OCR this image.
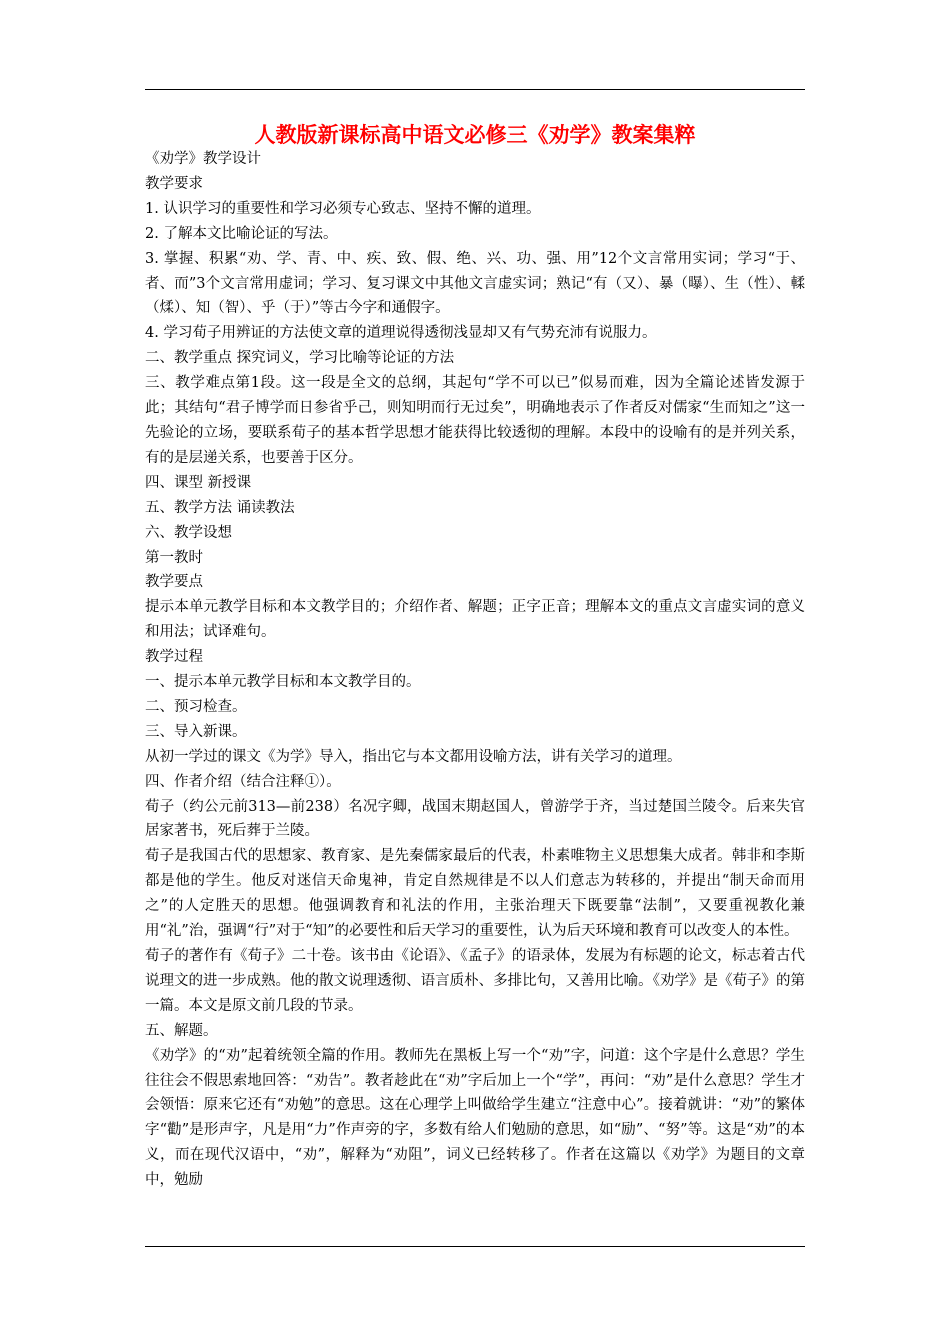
人教版新课标高中语文必修三《劝学》教案集粹

《劝学》教学设计

教学要求

1. 认识学习的重要性和学习必须专心致志、坚持不懈的道理。

2. 了解本文比喻论证的写法。

3. 掌握、积累“劝、学、青、中、疾、致、假、绝、兴、功、强、用”12个文言常用实词；学习“于、者、而”3个文言常用虚词；学习、复习课文中其他文言虚实词；熟记“有（又）、暴（曝）、生（性）、輮（煣）、知（智）、乎（于）”等古今字和通假字。

4. 学习荀子用辨证的方法使文章的道理说得透彻浅显却又有气势充沛有说服力。

二、教学重点 探究词义，学习比喻等论证的方法

三、教学难点第1段。这一段是全文的总纲，其起句“学不可以已”似易而难，因为全篇论述皆发源于此；其结句“君子博学而日参省乎己，则知明而行无过矣”，明确地表示了作者反对儒家“生而知之”这一先验论的立场，要联系荀子的基本哲学思想才能获得比较透彻的理解。本段中的设喻有的是并列关系，有的是层递关系，也要善于区分。

四、课型 新授课

五、教学方法 诵读教法

六、教学设想

第一教时

教学要点

提示本单元教学目标和本文教学目的；介绍作者、解题；正字正音；理解本文的重点文言虚实词的意义和用法；试译难句。

教学过程

一、提示本单元教学目标和本文教学目的。

二、预习检查。

三、导入新课。

从初一学过的课文《为学》导入，指出它与本文都用设喻方法，讲有关学习的道理。

四、作者介绍（结合注释①）。

荀子（约公元前313—前238）名况字卿，战国末期赵国人，曾游学于齐，当过楚国兰陵令。后来失官居家著书，死后葬于兰陵。

荀子是我国古代的思想家、教育家、是先秦儒家最后的代表，朴素唯物主义思想集大成者。韩非和李斯都是他的学生。他反对迷信天命鬼神，肯定自然规律是不以人们意志为转移的，并提出“制天命而用之”的人定胜天的思想。他强调教育和礼法的作用，主张治理天下既要靠“法制”，又要重视教化兼用“礼”治，强调“行”对于“知”的必要性和后天学习的重要性，认为后天环境和教育可以改变人的本性。

荀子的著作有《荀子》二十卷。该书由《论语》、《孟子》的语录体，发展为有标题的论文，标志着古代说理文的进一步成熟。他的散文说理透彻、语言质朴、多排比句，又善用比喻。《劝学》是《荀子》的第一篇。本文是原文前几段的节录。

五、解题。

《劝学》的“劝”起着统领全篇的作用。教师先在黑板上写一个“劝”字，问道：这个字是什么意思？学生往往会不假思索地回答：“劝告”。教者趁此在“劝”字后加上一个“学”，再问：“劝”是什么意思？学生才会领悟：原来它还有“劝勉”的意思。这在心理学上叫做给学生建立“注意中心”。接着就讲：“劝”的繁体字“勸”是形声字，凡是用“力”作声旁的字，多数有给人们勉励的意思，如“励”、“努”等。这是“劝”的本义，而在现代汉语中，“劝”，解释为“劝阻”，词义已经转移了。作者在这篇以《劝学》为题目的文章中，勉励
